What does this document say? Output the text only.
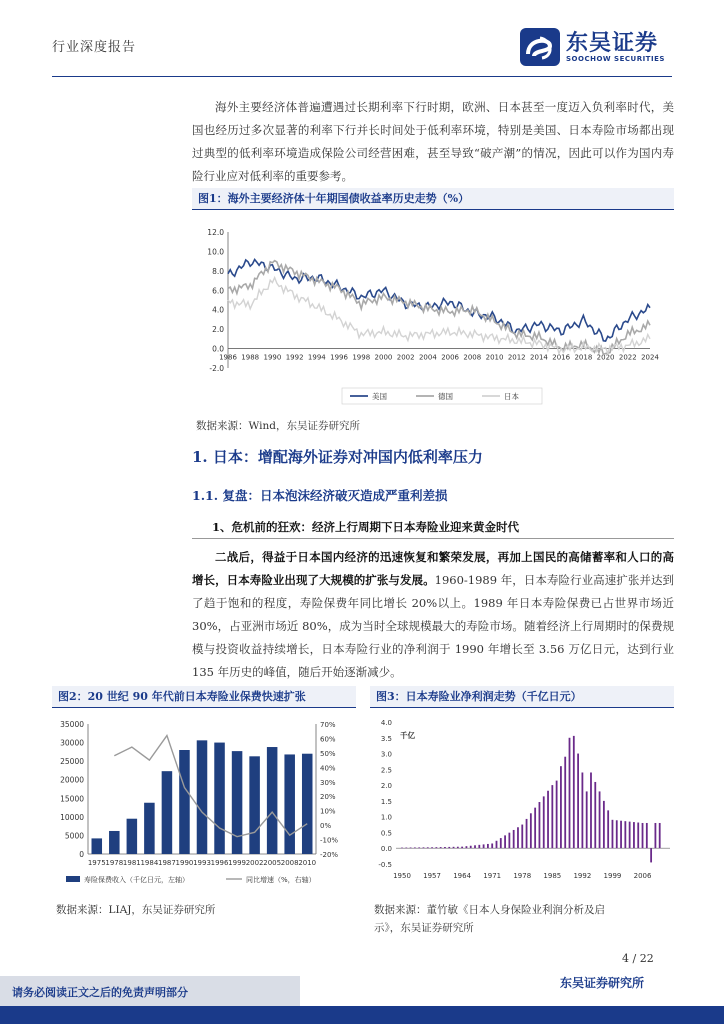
行业深度报告	东吴证券
SOOCHOW SECURITIES
海外主要经济体普遍遭遇过长期利率下行时期，欧洲、日本甚至一度迈入负利率时代，美国也经历过多次显著的利率下行并长时间处于低利率环境，特别是美国、日本寿险市场都出现过典型的低利率环境造成保险公司经营困难，甚至导致“破产潮”的情况，因此可以作为国内寿险行业应对低利率的重要参考。
图1：海外主要经济体十年期国债收益率历史走势（%）
12.0
10.0
8.0
6.0
4.0
2.0
0.0
-2.0
1986 1988 1990 1992 1994 1996 1998 2000 2002 2004 2006 2008 2010 2012 2014 2016 2018 2020 2022 2024
美国	德国	日本
数据来源：Wind，东吴证券研究所
1. 日本：增配海外证券对冲国内低利率压力
1.1. 复盘：日本泡沫经济破灭造成严重利差损
1、危机前的狂欢：经济上行周期下日本寿险业迎来黄金时代
二战后，得益于日本国内经济的迅速恢复和繁荣发展，再加上国民的高储蓄率和人口的高增长，日本寿险业出现了大规模的扩张与发展。1960-1989 年，日本寿险行业高速扩张并达到了趋于饱和的程度，寿险保费年同比增长 20%以上。1989 年日本寿险保费已占世界市场近 30%，占亚洲市场近 80%，成为当时全球规模最大的寿险市场。随着经济上行周期时的保费规模与投资收益持续增长，日本寿险行业的净利润于 1990 年增长至 3.56 万亿日元，达到行业 135 年历史的峰值，随后开始逐渐减少。
图2：20 世纪 90 年代前日本寿险业保费快速扩张
35000
30000
25000
20000
15000
10000
5000
0
70%
60%
50%
40%
30%
20%
10%
0%
-10%
-20%
1975 1978 1981 1984 1987 1990 1993 1996 1999 2002 2005 2008 2010
寿险保费收入（千亿日元，左轴）	同比增速（%，右轴）
数据来源：LIAJ，东吴证券研究所
图3：日本寿险业净利润走势（千亿日元）
4.0
3.5
3.0
2.5
2.0
1.5
1.0
0.5
0.0
-0.5
千亿
1950 1957 1964 1971 1978 1985 1992 1999 2006
数据来源：董竹敏《日本人身保险业利润分析及启
示》，东吴证券研究所
4 / 22
请务必阅读正文之后的免责声明部分
东吴证券研究所
